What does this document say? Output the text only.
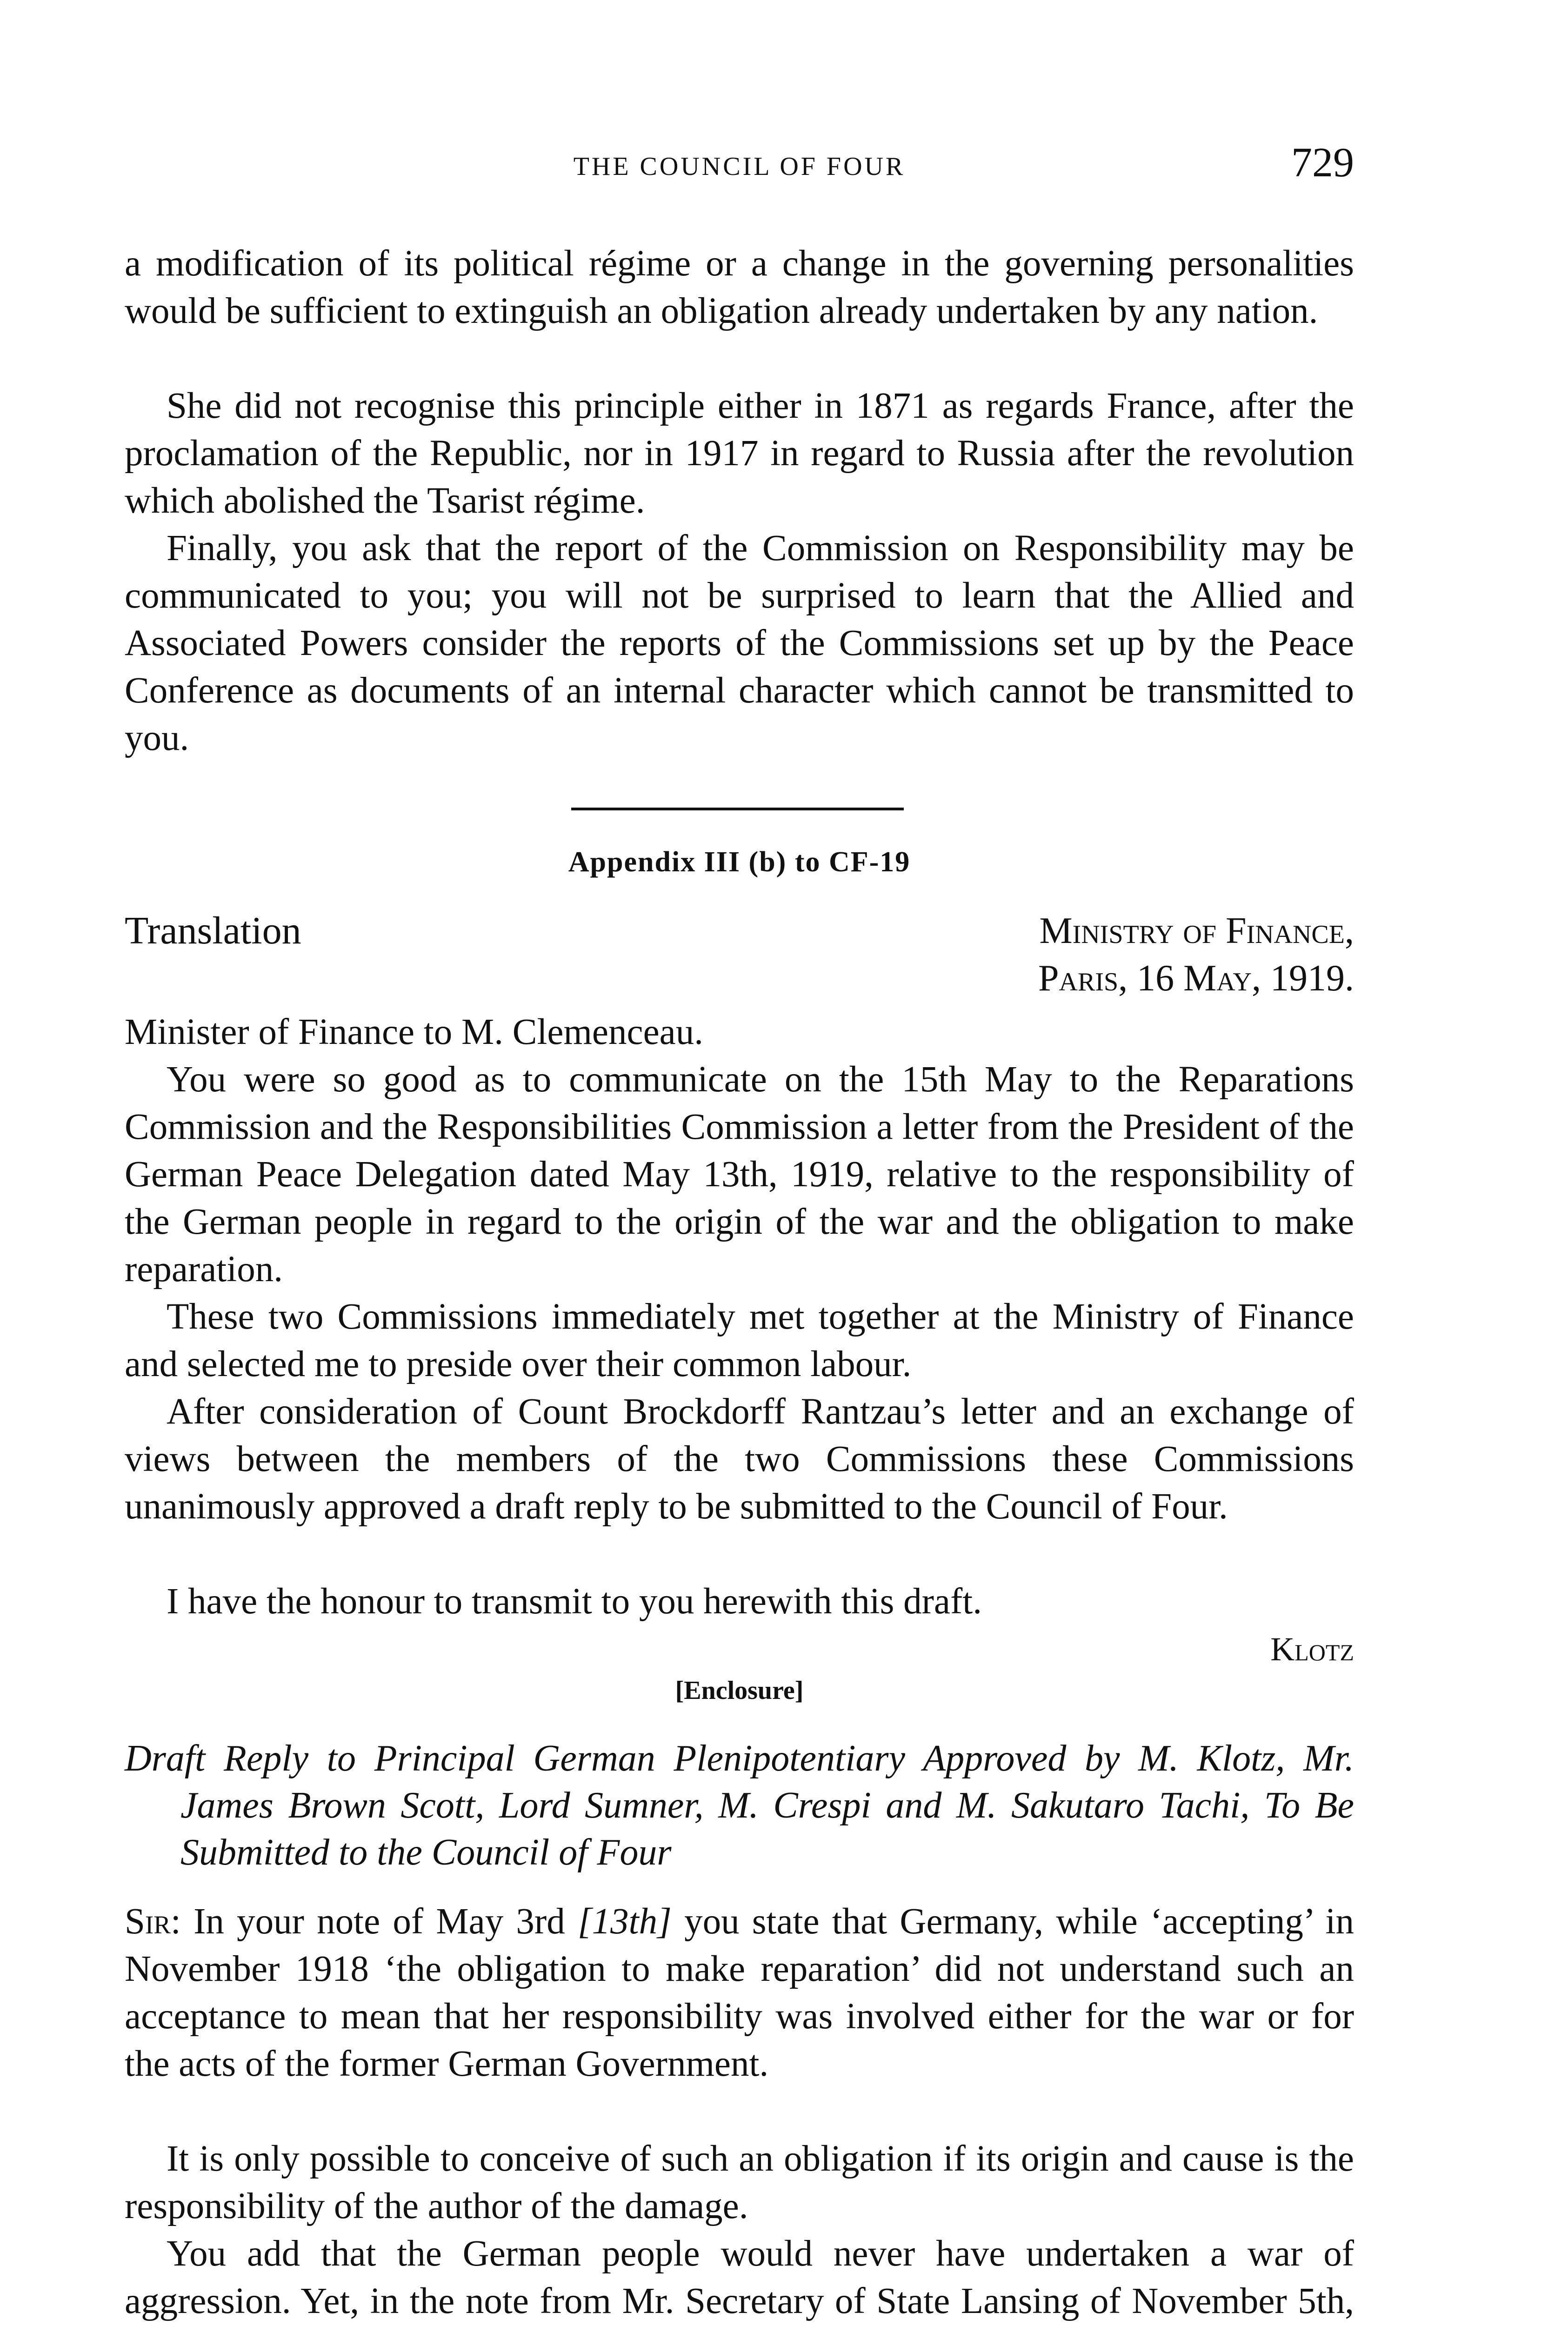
THE COUNCIL OF FOUR	729

a modification of its political régime or a change in the governing personalities would be sufficient to extinguish an obligation already undertaken by any nation.

She did not recognise this principle either in 1871 as regards France, after the proclamation of the Republic, nor in 1917 in regard to Russia after the revolution which abolished the Tsarist régime.

Finally, you ask that the report of the Commission on Responsibility may be communicated to you; you will not be surprised to learn that the Allied and Associated Powers consider the reports of the Commissions set up by the Peace Conference as documents of an internal character which cannot be transmitted to you.

Appendix III (b) to CF-19

Translation	Ministry of Finance,

Paris, 16 May, 1919.

Minister of Finance to M. Clemenceau.

You were so good as to communicate on the 15th May to the Reparations Commission and the Responsibilities Commission a letter from the President of the German Peace Delegation dated May 13th, 1919, relative to the responsibility of the German people in regard to the origin of the war and the obligation to make reparation.

These two Commissions immediately met together at the Ministry of Finance and selected me to preside over their common labour.

After consideration of Count Brockdorff Rantzau’s letter and an exchange of views between the members of the two Commissions these Commissions unanimously approved a draft reply to be submitted to the Council of Four.

I have the honour to transmit to you herewith this draft.

Klotz

[Enclosure]

Draft Reply to Principal German Plenipotentiary Approved by M. Klotz, Mr. James Brown Scott, Lord Sumner, M. Crespi and M. Sakutaro Tachi, To Be Submitted to the Council of Four

Sir: In your note of May 3rd [13th] you state that Germany, while ‘accepting’ in November 1918 ‘the obligation to make reparation’ did not understand such an acceptance to mean that her responsibility was involved either for the war or for the acts of the former German Government.

It is only possible to conceive of such an obligation if its origin and cause is the responsibility of the author of the damage.

You add that the German people would never have undertaken a war of aggression. Yet, in the note from Mr. Secretary of State Lansing of November 5th,
